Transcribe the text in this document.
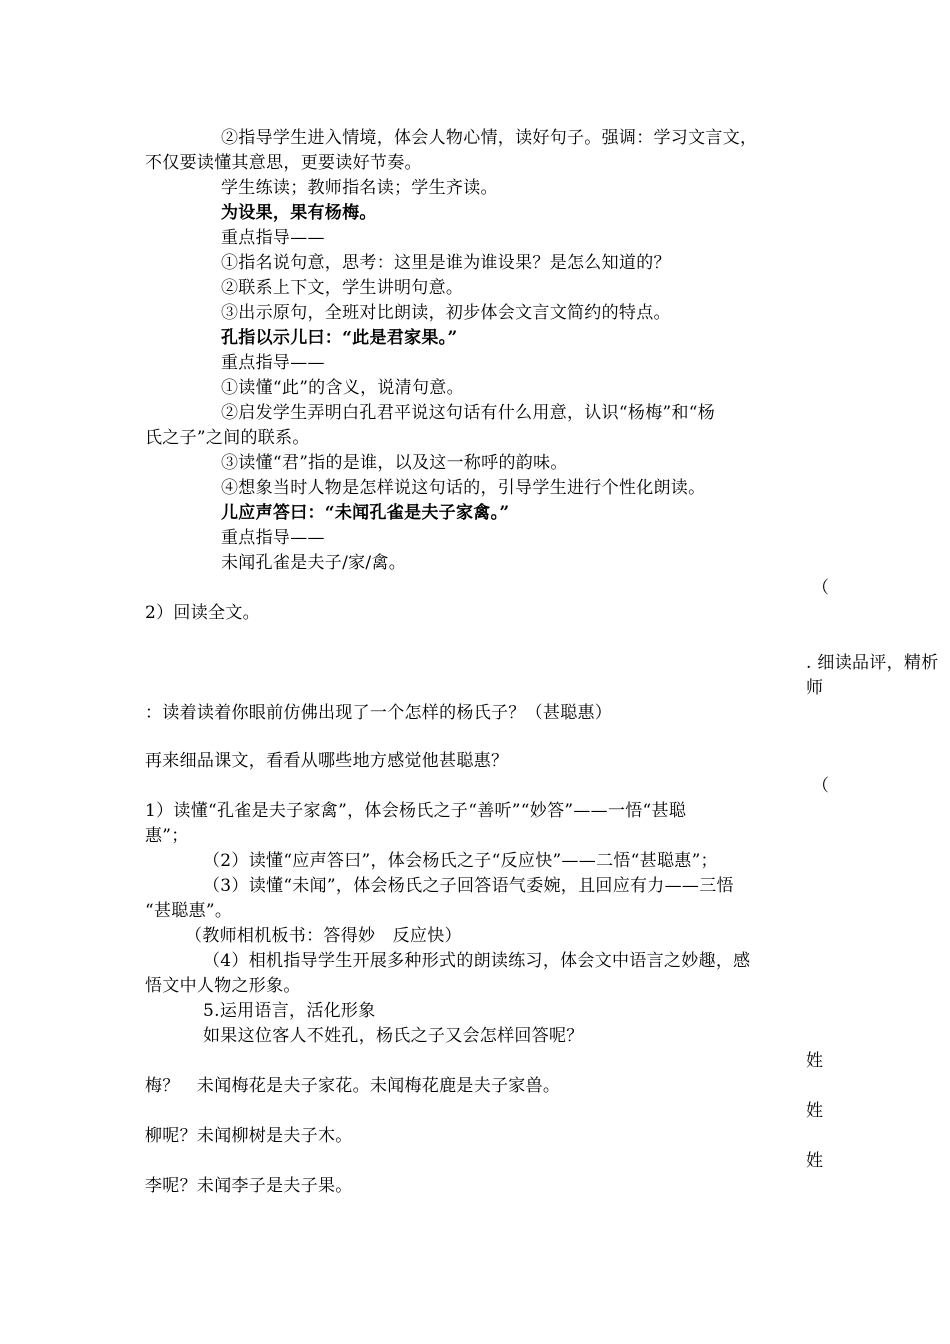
②指导学生进入情境，体会人物心情，读好句子。强调：学习文言文，
不仅要读懂其意思，更要读好节奏。
学生练读；教师指名读；学生齐读。
为设果，果有杨梅。
重点指导——
①指名说句意，思考：这里是谁为谁设果？是怎么知道的？
②联系上下文，学生讲明句意。
③出示原句，全班对比朗读，初步体会文言文简约的特点。
孔指以示儿曰：“此是君家果。”
重点指导——
①读懂“此”的含义，说清句意。
②启发学生弄明白孔君平说这句话有什么用意，认识“杨梅”和“杨
氏之子”之间的联系。
③读懂“君”指的是谁，以及这一称呼的韵味。
④想象当时人物是怎样说这句话的，引导学生进行个性化朗读。
儿应声答曰：“未闻孔雀是夫子家禽。”
重点指导——
未闻孔雀是夫子/家/禽。
（
2）回读全文。
. 细读品评，精析
师
：读着读着你眼前仿佛出现了一个怎样的杨氏子？（甚聪惠）
再来细品课文，看看从哪些地方感觉他甚聪惠？
（
1）读懂“孔雀是夫子家禽”，体会杨氏之子“善听”“妙答”——一悟“甚聪
惠”；
（2）读懂“应声答曰”，体会杨氏之子“反应快”——二悟“甚聪惠”；
（3）读懂“未闻”，体会杨氏之子回答语气委婉，且回应有力——三悟
“甚聪惠”。
（教师相机板书：答得妙　反应快）
（4）相机指导学生开展多种形式的朗读练习，体会文中语言之妙趣，感
悟文中人物之形象。
5.运用语言，活化形象
如果这位客人不姓孔，杨氏之子又会怎样回答呢？
姓
梅？　未闻梅花是夫子家花。未闻梅花鹿是夫子家兽。
姓
柳呢？未闻柳树是夫子木。
姓
李呢？未闻李子是夫子果。
